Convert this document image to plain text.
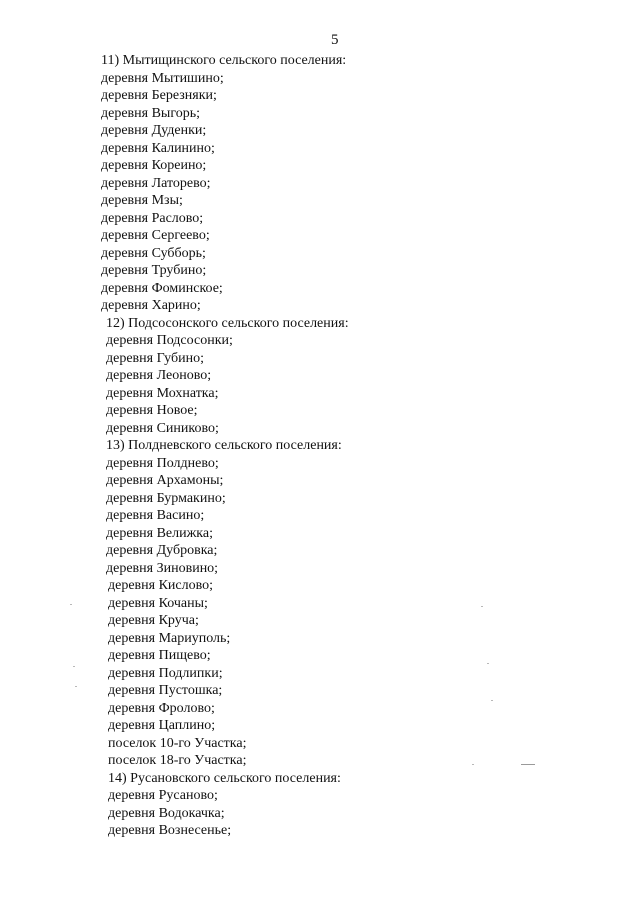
5
11) Мытищинского сельского поселения:
деревня Мытишино;
деревня Березняки;
деревня Выгорь;
деревня Дуденки;
деревня Калинино;
деревня Кореино;
деревня Латорево;
деревня Мзы;
деревня Раслово;
деревня Сергеево;
деревня Субборь;
деревня Трубино;
деревня Фоминское;
деревня Харино;
12) Подсосонского сельского поселения:
деревня Подсосонки;
деревня Губино;
деревня Леоново;
деревня Мохнатка;
деревня Новое;
деревня Синиково;
13) Полдневского сельского поселения:
деревня Полднево;
деревня Архамоны;
деревня Бурмакино;
деревня Васино;
деревня Велижка;
деревня Дубровка;
деревня Зиновино;
деревня Кислово;
деревня Кочаны;
деревня Круча;
деревня Мариуполь;
деревня Пищево;
деревня Подлипки;
деревня Пустошка;
деревня Фролово;
деревня Цаплино;
поселок 10-го Участка;
поселок 18-го Участка;
14) Русановского сельского поселения:
деревня Русаново;
деревня Водокачка;
деревня Вознесенье;
